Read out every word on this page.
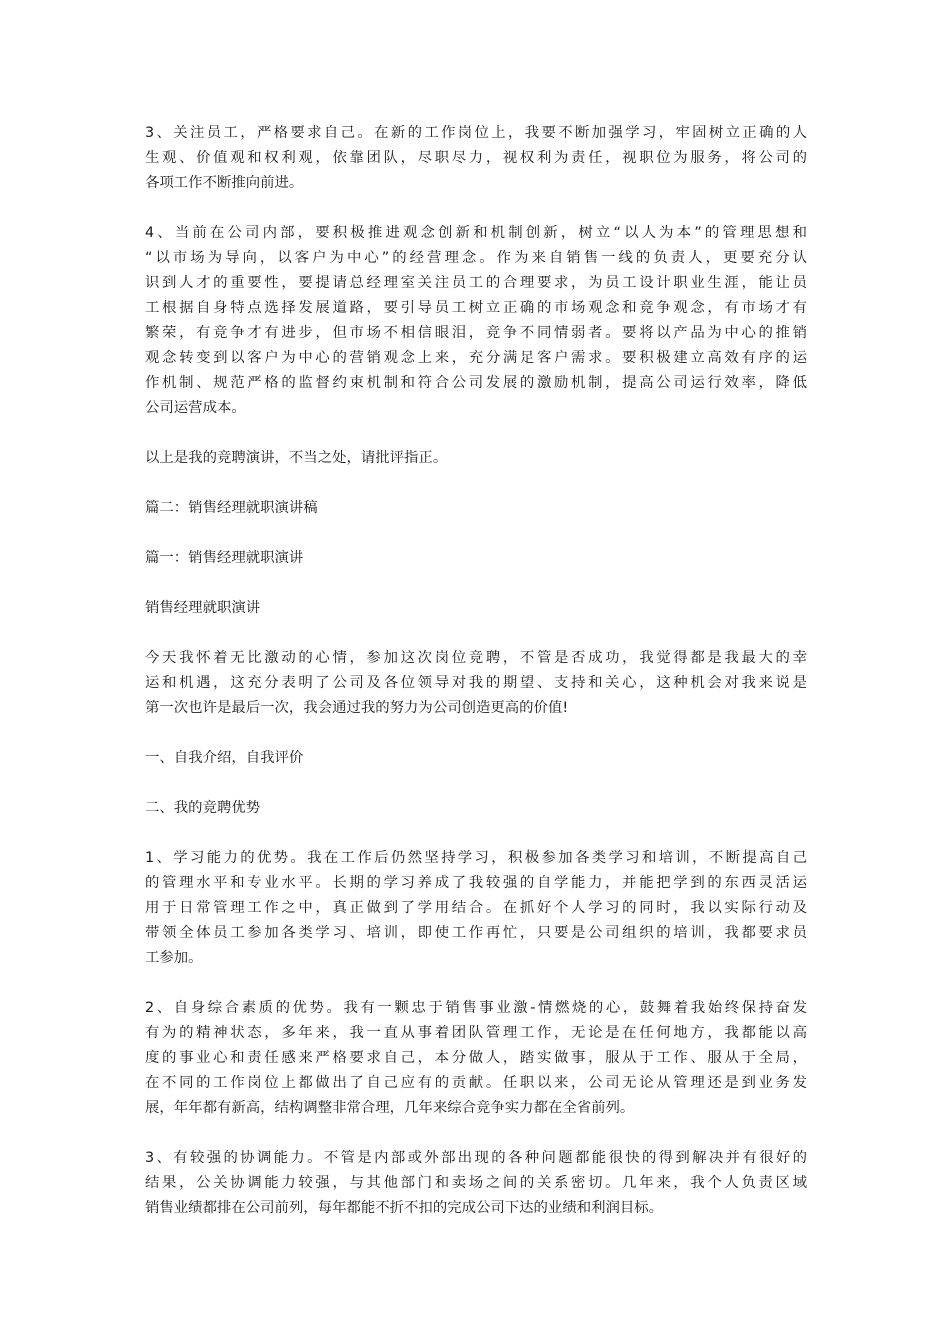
3、关注员工，严格要求自己。在新的工作岗位上，我要不断加强学习，牢固树立正确的人
生观、价值观和权利观，依靠团队，尽职尽力，视权利为责任，视职位为服务，将公司的
各项工作不断推向前进。
4、当前在公司内部，要积极推进观念创新和机制创新，树立“以人为本”的管理思想和
“以市场为导向，以客户为中心”的经营理念。作为来自销售一线的负责人，更要充分认
识到人才的重要性，要提请总经理室关注员工的合理要求，为员工设计职业生涯，能让员
工根据自身特点选择发展道路，要引导员工树立正确的市场观念和竞争观念，有市场才有
繁荣，有竞争才有进步，但市场不相信眼泪，竞争不同情弱者。要将以产品为中心的推销
观念转变到以客户为中心的营销观念上来，充分满足客户需求。要积极建立高效有序的运
作机制、规范严格的监督约束机制和符合公司发展的激励机制，提高公司运行效率，降低
公司运营成本。
以上是我的竞聘演讲，不当之处，请批评指正。
篇二：销售经理就职演讲稿
篇一：销售经理就职演讲
销售经理就职演讲
今天我怀着无比激动的心情，参加这次岗位竞聘，不管是否成功，我觉得都是我最大的幸
运和机遇，这充分表明了公司及各位领导对我的期望、支持和关心，这种机会对我来说是
第一次也许是最后一次，我会通过我的努力为公司创造更高的价值!
一、自我介绍，自我评价
二、我的竞聘优势
1、学习能力的优势。我在工作后仍然坚持学习，积极参加各类学习和培训，不断提高自己
的管理水平和专业水平。长期的学习养成了我较强的自学能力，并能把学到的东西灵活运
用于日常管理工作之中，真正做到了学用结合。在抓好个人学习的同时，我以实际行动及
带领全体员工参加各类学习、培训，即使工作再忙，只要是公司组织的培训，我都要求员
工参加。
2、自身综合素质的优势。我有一颗忠于销售事业激-情燃烧的心，鼓舞着我始终保持奋发
有为的精神状态，多年来，我一直从事着团队管理工作，无论是在任何地方，我都能以高
度的事业心和责任感来严格要求自己，本分做人，踏实做事，服从于工作、服从于全局，
在不同的工作岗位上都做出了自己应有的贡献。任职以来，公司无论从管理还是到业务发
展，年年都有新高，结构调整非常合理，几年来综合竞争实力都在全省前列。
3、有较强的协调能力。不管是内部或外部出现的各种问题都能很快的得到解决并有很好的
结果，公关协调能力较强，与其他部门和卖场之间的关系密切。几年来，我个人负责区域
销售业绩都排在公司前列，每年都能不折不扣的完成公司下达的业绩和利润目标。
